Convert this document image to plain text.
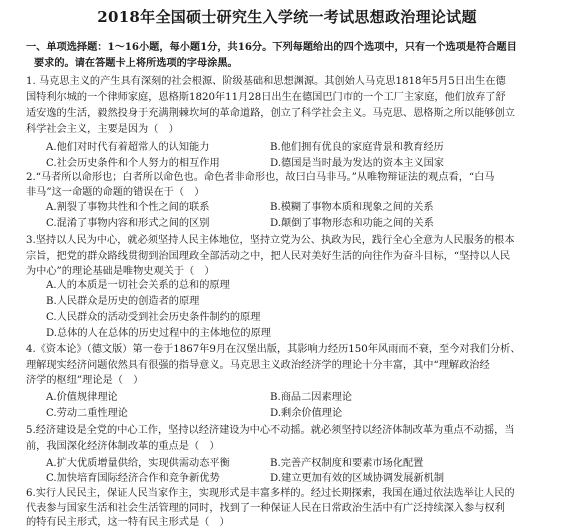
2018年全国硕士研究生入学统一考试思想政治理论试题
一、单项选择题：1～16小题，每小题1分，共16分。下列每题给出的四个选项中，只有一个选项是符合题目
要求的。请在答题卡上将所选项的字母涂黑。
1. 马克思主义的产生具有深刻的社会根源、阶级基础和思想渊源。其创始人马克思1818年5月5日出生在德
国特利尔城的一个律师家庭，恩格斯1820年11月28日出生在德国巴门市的一个工厂主家庭，他们放弃了舒
适安逸的生活，毅然投身于充满荆棘坎坷的革命道路，创立了科学社会主义。马克思、恩格斯之所以能够创立
科学社会主义，主要是因为（　）
A.他们对时代有着超常人的认知能力	B.他们拥有优良的家庭背景和教育经历
C.社会历史条件和个人努力的相互作用	D.德国是当时最为发达的资本主义国家
2.“马者所以命形也；白者所以命色也。命色者非命形也，故曰白马非马。”从唯物辩证法的观点看，“白马
非马”这一命题的命题的错误在于（　）
A.割裂了事物共性和个性之间的联系	B.模糊了事物本质和现象之间的关系
C.混淆了事物内容和形式之间的区别	D.颠倒了事物形态和功能之间的关系
3.坚持以人民为中心，就必须坚持人民主体地位，坚持立党为公、执政为民，践行全心全意为人民服务的根本
宗旨，把党的群众路线贯彻到治国理政全部活动之中，把人民对美好生活的向往作为奋斗目标，“坚持以人民
为中心”的理论基础是唯物史观关于（　）
A.人的本质是一切社会关系的总和的原理
B.人民群众是历史的创造者的原理
C.人民群众的活动受到社会历史条件制约的原理
D.总体的人在总体的历史过程中的主体地位的原理
4.《资本论》（德文版）第一卷于1867年9月在汉堡出版，其影响力经历150年风雨而不衰，至今对我们分析、
理解现实经济问题依然具有很强的指导意义。马克思主义政治经济学的理论十分丰富，其中“理解政治经
济学的枢纽”理论是（　）
A.价值规律理论	B.商品二因素理论
C.劳动二重性理论	D.剩余价值理论
5.经济建设是全党的中心工作，坚持以经济建设为中心不动摇。就必须坚持以经济体制改革为重点不动摇，当
前，我国深化经济体制改革的重点是（　）
A.扩大优质增量供给，实现供需动态平衡	B.完善产权制度和要素市场化配置
C.加快培育国际经济合作和竞争新优势	D.建立更加有效的区域协调发展新机制
6.实行人民民主，保证人民当家作主，实现形式是丰富多样的。经过长期探索，我国在通过依法选举让人民的
代表参与国家生活和社会生活管理的同时，找到了一种保证人民在日常政治生活中有广泛持续深入参与权利
的特有民主形式，这一特有民主形式是（　）
